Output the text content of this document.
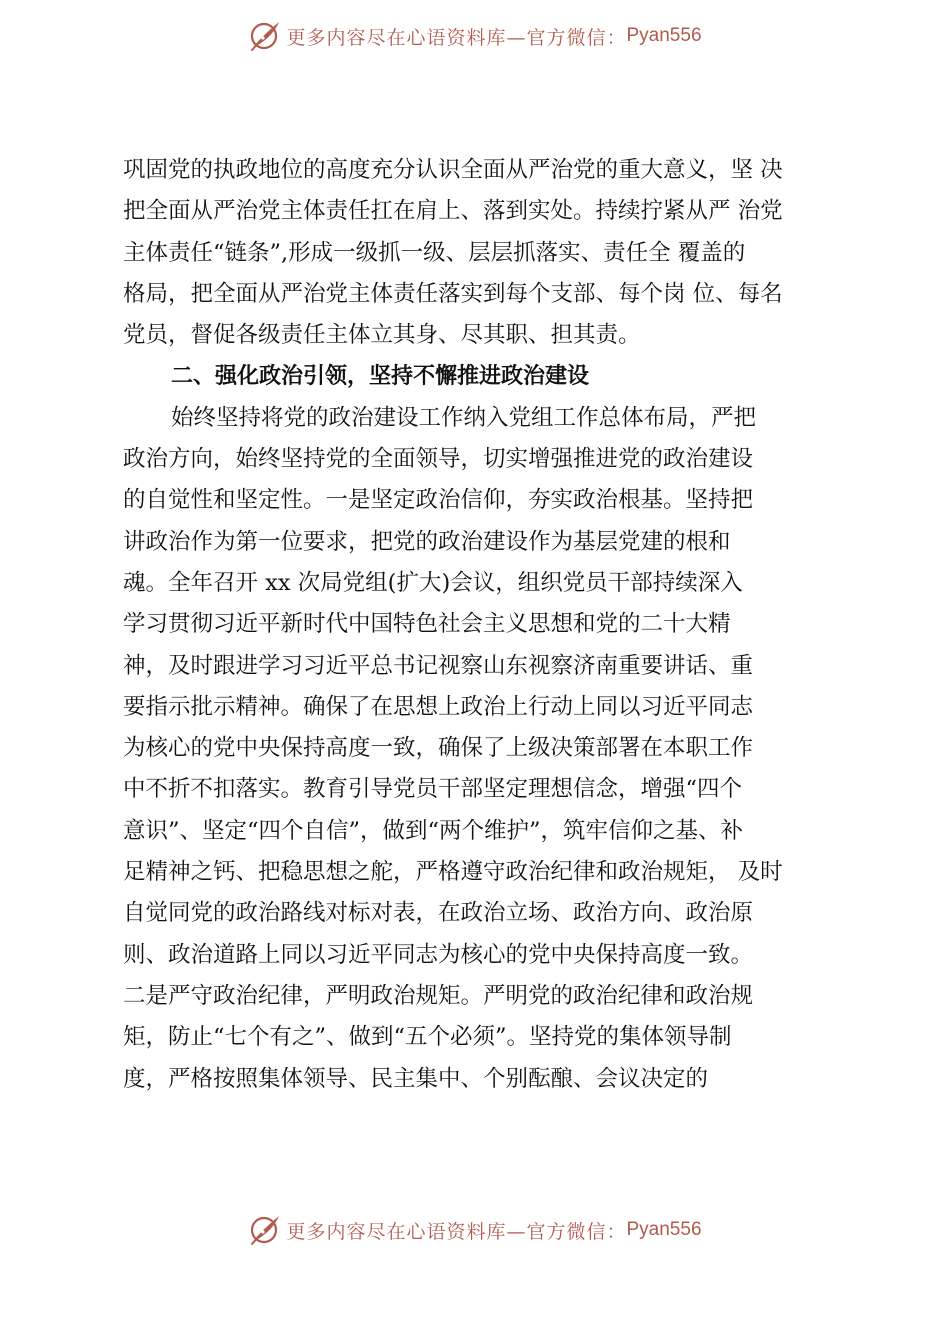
更多内容尽在心语资料库—官方微信： Pyan556
巩固党的执政地位的高度充分认识全面从严治党的重大意义，坚 决
把全面从严治党主体责任扛在肩上、落到实处。持续拧紧从严 治党
主体责任“链条”,形成一级抓一级、层层抓落实、责任全 覆盖的
格局，把全面从严治党主体责任落实到每个支部、每个岗 位、每名
党员，督促各级责任主体立其身、尽其职、担其责。
二、强化政治引领，坚持不懈推进政治建设
始终坚持将党的政治建设工作纳入党组工作总体布局，严把
政治方向，始终坚持党的全面领导，切实增强推进党的政治建设
的自觉性和坚定性。一是坚定政治信仰，夯实政治根基。坚持把
讲政治作为第一位要求，把党的政治建设作为基层党建的根和
魂。全年召开 xx 次局党组(扩大)会议，组织党员干部持续深入
学习贯彻习近平新时代中国特色社会主义思想和党的二十大精
神，及时跟进学习习近平总书记视察山东视察济南重要讲话、重
要指示批示精神。确保了在思想上政治上行动上同以习近平同志
为核心的党中央保持高度一致，确保了上级决策部署在本职工作
中不折不扣落实。教育引导党员干部坚定理想信念，增强“四个
意识”、坚定“四个自信”，做到“两个维护”，筑牢信仰之基、补
足精神之钙、把稳思想之舵，严格遵守政治纪律和政治规矩， 及时
自觉同党的政治路线对标对表，在政治立场、政治方向、政治原
则、政治道路上同以习近平同志为核心的党中央保持高度一致。
二是严守政治纪律，严明政治规矩。严明党的政治纪律和政治规
矩，防止“七个有之”、做到“五个必须”。坚持党的集体领导制
度，严格按照集体领导、民主集中、个别酝酿、会议决定的
更多内容尽在心语资料库—官方微信： Pyan556
